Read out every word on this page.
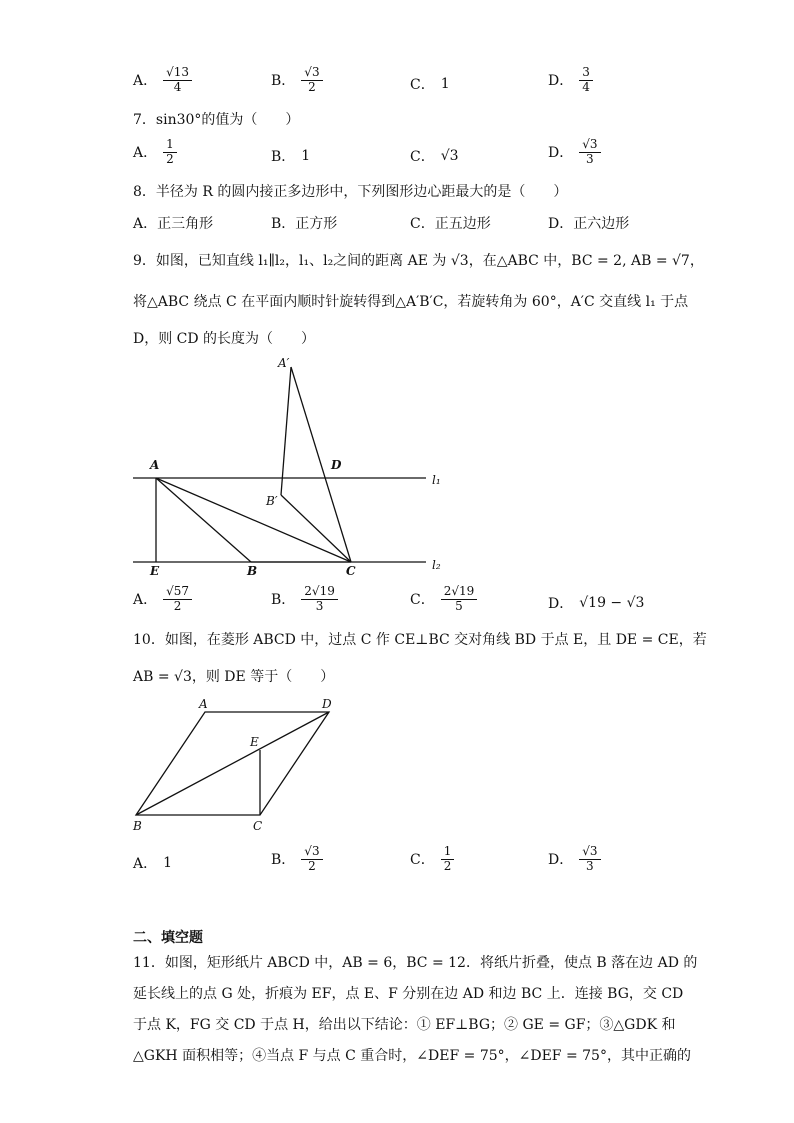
A． $\frac{√13}{4}$	B． $\frac{√3}{2}$	C． 1	D． $\frac{3}{4}$
7．sin30°的值为（　　）
A． $\frac{1}{2}$	B． 1	C． √3	D． $\frac{√3}{3}$
8．半径为 R 的圆内接正多边形中，下列图形边心距最大的是（　　）
A．正三角形	B．正方形	C．正五边形	D．正六边形
9．如图，已知直线 l₁∥l₂，l₁、l₂之间的距离 AE 为 √3，在△ABC 中，BC = 2, AB = √7，
将△ABC 绕点 C 在平面内顺时针旋转得到△A′B′C，若旋转角为 60°，A′C 交直线 l₁ 于点
D，则 CD 的长度为（　　）
A	D
A′
B′
l₁
l₂
E	B	C
A	D
E
B	C
A． $\frac{√57}{2}$	B． $\frac{2√19}{3}$	C． $\frac{2√19}{5}$	D． √19 − √3
10．如图，在菱形 ABCD 中，过点 C 作 CE⊥BC 交对角线 BD 于点 E，且 DE = CE，若
AB = √3，则 DE 等于（　　）
A． 1	B． $\frac{√3}{2}$	C． $\frac{1}{2}$	D． $\frac{√3}{3}$
二、填空题
11．如图，矩形纸片 ABCD 中，AB = 6，BC = 12．将纸片折叠，使点 B 落在边 AD 的
延长线上的点 G 处，折痕为 EF，点 E、F 分别在边 AD 和边 BC 上．连接 BG，交 CD
于点 K，FG 交 CD 于点 H，给出以下结论：① EF⊥BG；② GE = GF；③△GDK 和
△GKH 面积相等；④当点 F 与点 C 重合时，∠DEF = 75°，∠DEF = 75°，其中正确的
